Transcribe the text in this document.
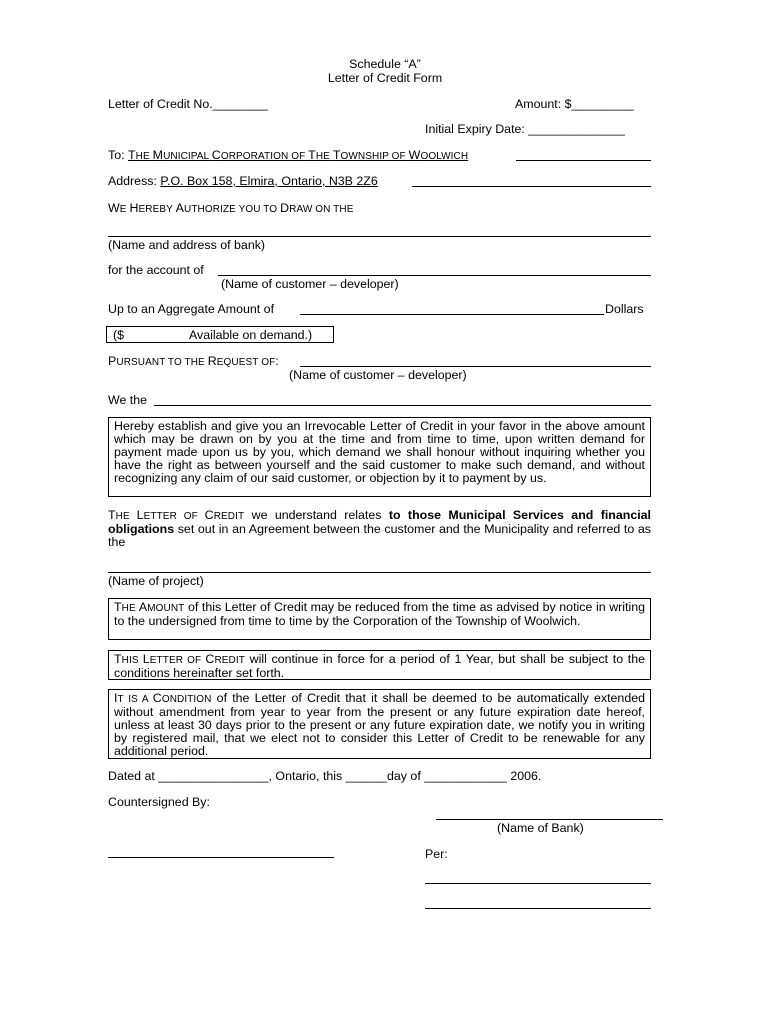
Schedule “A”
Letter of Credit Form
Letter of Credit No.________	Amount: $_________
Initial Expiry Date: ______________
To: THE MUNICIPAL CORPORATION OF THE TOWNSHIP OF WOOLWICH
Address: P.O. Box 158, Elmira, Ontario, N3B 2Z6
WE HEREBY AUTHORIZE YOU TO DRAW ON THE
(Name and address of bank)
for the account of
(Name of customer – developer)
Up to an Aggregate Amount of	Dollars
($	Available on demand.)
PURSUANT TO THE REQUEST OF:
(Name of customer – developer)
We the

Hereby establish and give you an Irrevocable Letter of Credit in your favor in the above amount which may be drawn on by you at the time and from time to time, upon written demand for payment made upon us by you, which demand we shall honour without inquiring whether you have the right as between yourself and the said customer to make such demand, and without recognizing any claim of our said customer, or objection by it to payment by us.

THE LETTER OF CREDIT we understand relates to those Municipal Services and financial obligations set out in an Agreement between the customer and the Municipality and referred to as the
(Name of project)

THE AMOUNT of this Letter of Credit may be reduced from the time as advised by notice in writing to the undersigned from time to time by the Corporation of the Township of Woolwich.

THIS LETTER OF CREDIT will continue in force for a period of 1 Year, but shall be subject to the conditions hereinafter set forth.

IT IS A CONDITION of the Letter of Credit that it shall be deemed to be automatically extended without amendment from year to year from the present or any future expiration date hereof, unless at least 30 days prior to the present or any future expiration date, we notify you in writing by registered mail, that we elect not to consider this Letter of Credit to be renewable for any additional period.

Dated at ________________, Ontario, this ______day of ____________ 2006.
Countersigned By:
(Name of Bank)
Per:
